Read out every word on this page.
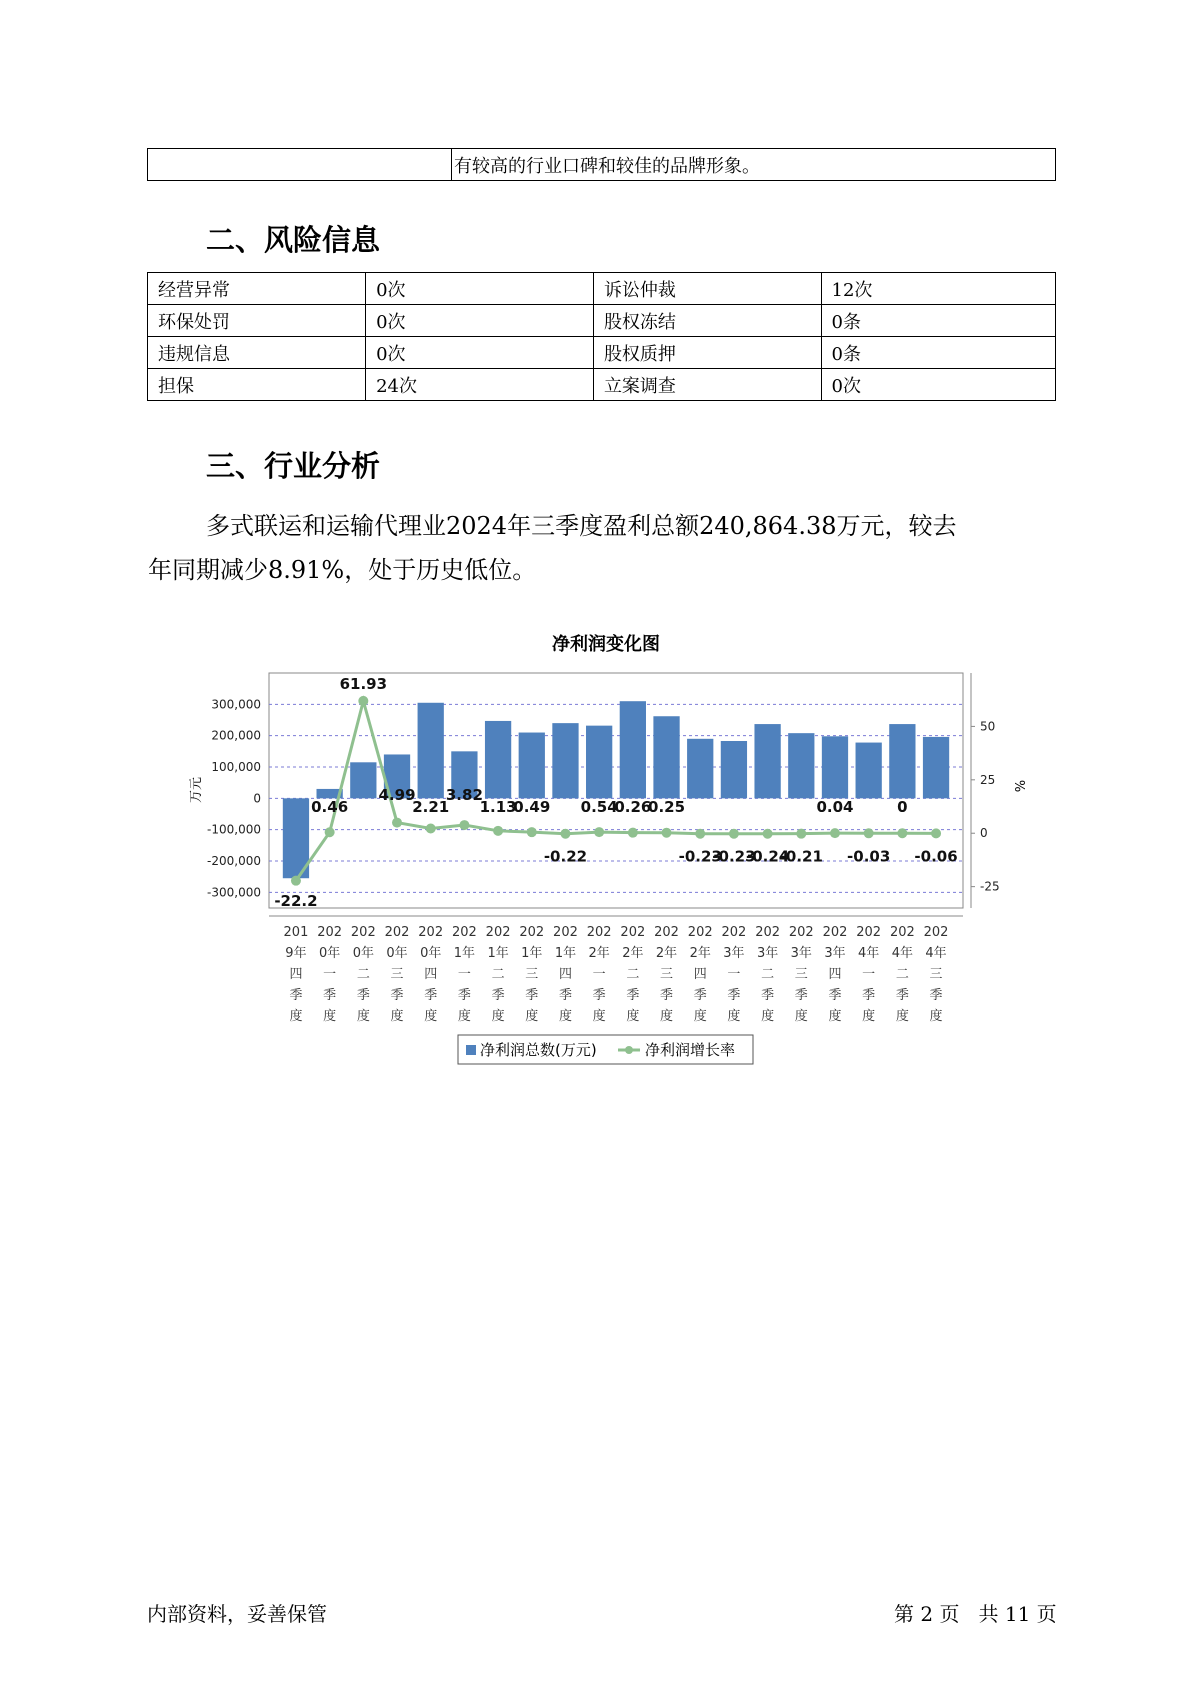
	有较高的行业口碑和较佳的品牌形象。
二、风险信息
经营异常	0次	诉讼仲裁	12次
环保处罚	0次	股权冻结	0条
违规信息	0次	股权质押	0条
担保	24次	立案调查	0次
三、行业分析
多式联运和运输代理业2024年三季度盈利总额240,864.38万元，较去
年同期减少8.91%，处于历史低位。
净利润变化图
-22.2
0.46
61.93
4.99
2.21
3.82
1.13
0.49
-0.22
0.54
0.26
0.25
-0.23
-0.23
-0.24
-0.21
0.04
-0.03
0
-0.06
300,000
200,000
100,000
0
-100,000
-200,000
-300,000
万元
50
25
0
-25
%
201 202 202 202 202 202 202 202 202 202 202 202 202 202 202 202 202 202 202 202
9年 0年 0年 0年 0年 1年 1年 1年 1年 2年 2年 2年 2年 3年 3年 3年 3年 4年 4年 4年
四 一 二 三 四 一 二 三 四 一 二 三 四 一 二 三 四 一 二 三
季 季 季 季 季 季 季 季 季 季 季 季 季 季 季 季 季 季 季 季
度 度 度 度 度 度 度 度 度 度 度 度 度 度 度 度 度 度 度 度
净利润总数(万元)	净利润增长率
内部资料，妥善保管	第 2 页   共 11 页
